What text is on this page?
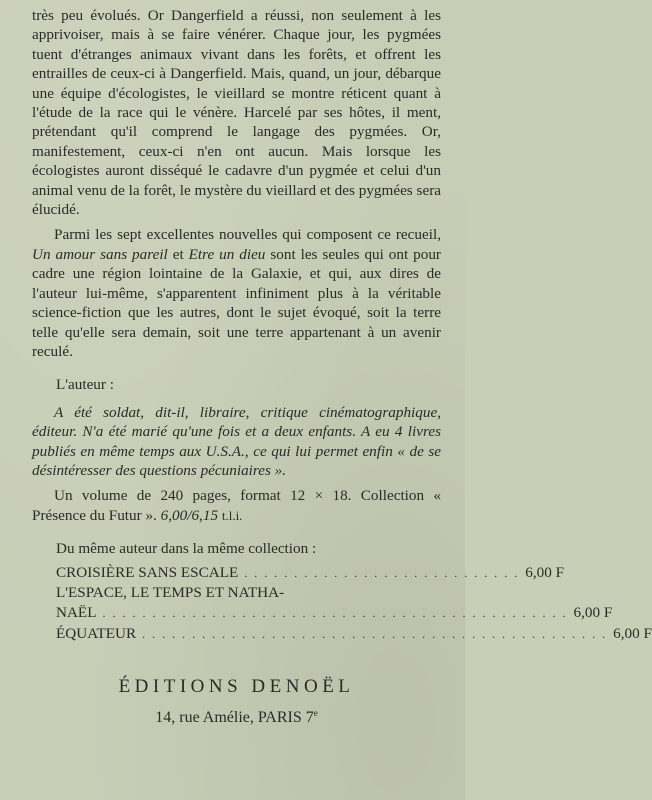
très peu évolués. Or Dangerfield a réussi, non seulement à les apprivoiser, mais à se faire vénérer. Chaque jour, les pygmées tuent d'étranges animaux vivant dans les forêts, et offrent les entrailles de ceux-ci à Dangerfield. Mais, quand, un jour, débarque une équipe d'écologistes, le vieillard se montre réticent quant à l'étude de la race qui le vénère. Harcelé par ses hôtes, il ment, prétendant qu'il comprend le langage des pygmées. Or, manifestement, ceux-ci n'en ont aucun. Mais lorsque les écologistes auront disséqué le cadavre d'un pygmée et celui d'un animal venu de la forêt, le mystère du vieillard et des pygmées sera élucidé.

Parmi les sept excellentes nouvelles qui composent ce recueil, Un amour sans pareil et Etre un dieu sont les seules qui ont pour cadre une région lointaine de la Galaxie, et qui, aux dires de l'auteur lui-même, s'apparentent infiniment plus à la véritable science-fiction que les autres, dont le sujet évoqué, soit la terre telle qu'elle sera demain, soit une terre appartenant à un avenir reculé.

L'auteur :

A été soldat, dit-il, libraire, critique cinématographique, éditeur. N'a été marié qu'une fois et a deux enfants. A eu 4 livres publiés en même temps aux U.S.A., ce qui lui permet enfin « de se désintéresser des questions pécuniaires ».

Un volume de 240 pages, format 12 × 18. Collection « Présence du Futur ». 6,00/6,15 t.l.i.

Du même auteur dans la même collection :
CROISIÈRE SANS ESCALE . . . . . . . . . . . . . . . . . . . . . . . . . . . . 6,00 F
L'ESPACE, LE TEMPS ET NATHA-
NAËL . . . . . . . . . . . . . . . . . . . . . . . . . . . . . . . . . . . . . . . . . . . . . . . 6,00 F
ÉQUATEUR . . . . . . . . . . . . . . . . . . . . . . . . . . . . . . . . . . . . . . . . . . . . . . . 6,00 F
ÉDITIONS DENOËL
14, rue Amélie, PARIS 7e
